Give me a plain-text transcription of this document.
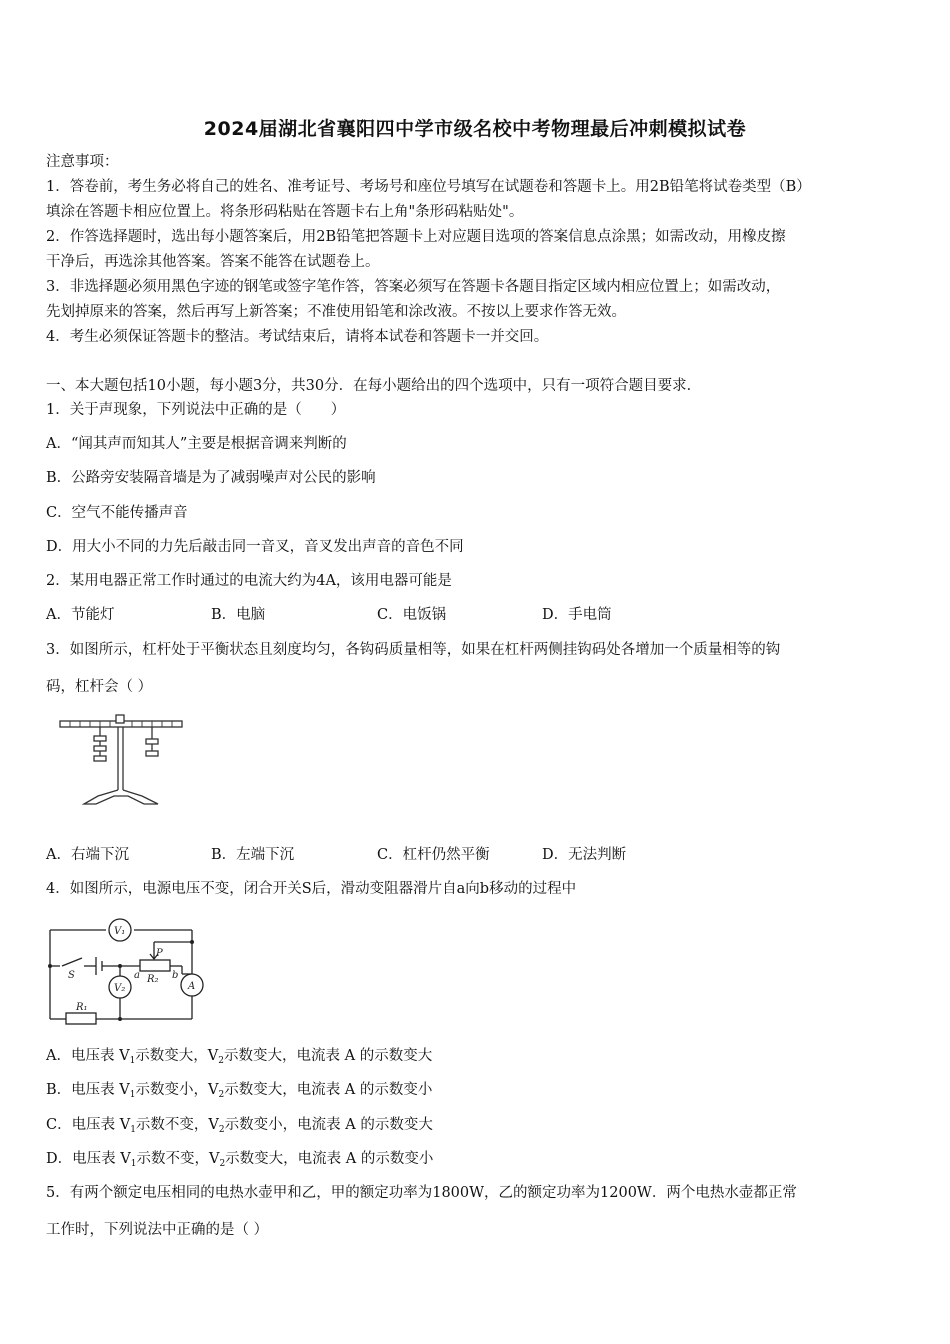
2024届湖北省襄阳四中学市级名校中考物理最后冲刺模拟试卷
注意事项：
1．答卷前，考生务必将自己的姓名、准考证号、考场号和座位号填写在试题卷和答题卡上。用2B铅笔将试卷类型（B）
填涂在答题卡相应位置上。将条形码粘贴在答题卡右上角"条形码粘贴处"。
2．作答选择题时，选出每小题答案后，用2B铅笔把答题卡上对应题目选项的答案信息点涂黑；如需改动，用橡皮擦
干净后，再选涂其他答案。答案不能答在试题卷上。
3．非选择题必须用黑色字迹的钢笔或签字笔作答，答案必须写在答题卡各题目指定区域内相应位置上；如需改动，
先划掉原来的答案，然后再写上新答案；不准使用铅笔和涂改液。不按以上要求作答无效。
4．考生必须保证答题卡的整洁。考试结束后，请将本试卷和答题卡一并交回。
一、本大题包括10小题，每小题3分，共30分．在每小题给出的四个选项中，只有一项符合题目要求．
1．关于声现象，下列说法中正确的是（　　）
A．“闻其声而知其人”主要是根据音调来判断的
B．公路旁安装隔音墙是为了减弱噪声对公民的影响
C．空气不能传播声音
D．用大小不同的力先后敲击同一音叉，音叉发出声音的音色不同
2．某用电器正常工作时通过的电流大约为4A，该用电器可能是
A．节能灯	B．电脑	C．电饭锅	D．手电筒
3．如图所示，杠杆处于平衡状态且刻度均匀，各钩码质量相等，如果在杠杆两侧挂钩码处各增加一个质量相等的钩
码，杠杆会（ ）
A．右端下沉	B．左端下沉	C．杠杆仍然平衡	D．无法判断
4．如图所示，电源电压不变，闭合开关S后，滑动变阻器滑片自a向b移动的过程中
V₁
V₂	A
S
P
R₂
R₁
a	b
A．电压表 $V_1$示数变大，$V_2$示数变大，电流表 A 的示数变大
B．电压表 $V_1$示数变小，$V_2$示数变大，电流表 A 的示数变小
C．电压表 $V_1$示数不变，$V_2$示数变小，电流表 A 的示数变大
D．电压表 $V_1$示数不变，$V_2$示数变大，电流表 A 的示数变小
5．有两个额定电压相同的电热水壶甲和乙，甲的额定功率为1800W，乙的额定功率为1200W．两个电热水壶都正常
工作时，下列说法中正确的是（ ）
